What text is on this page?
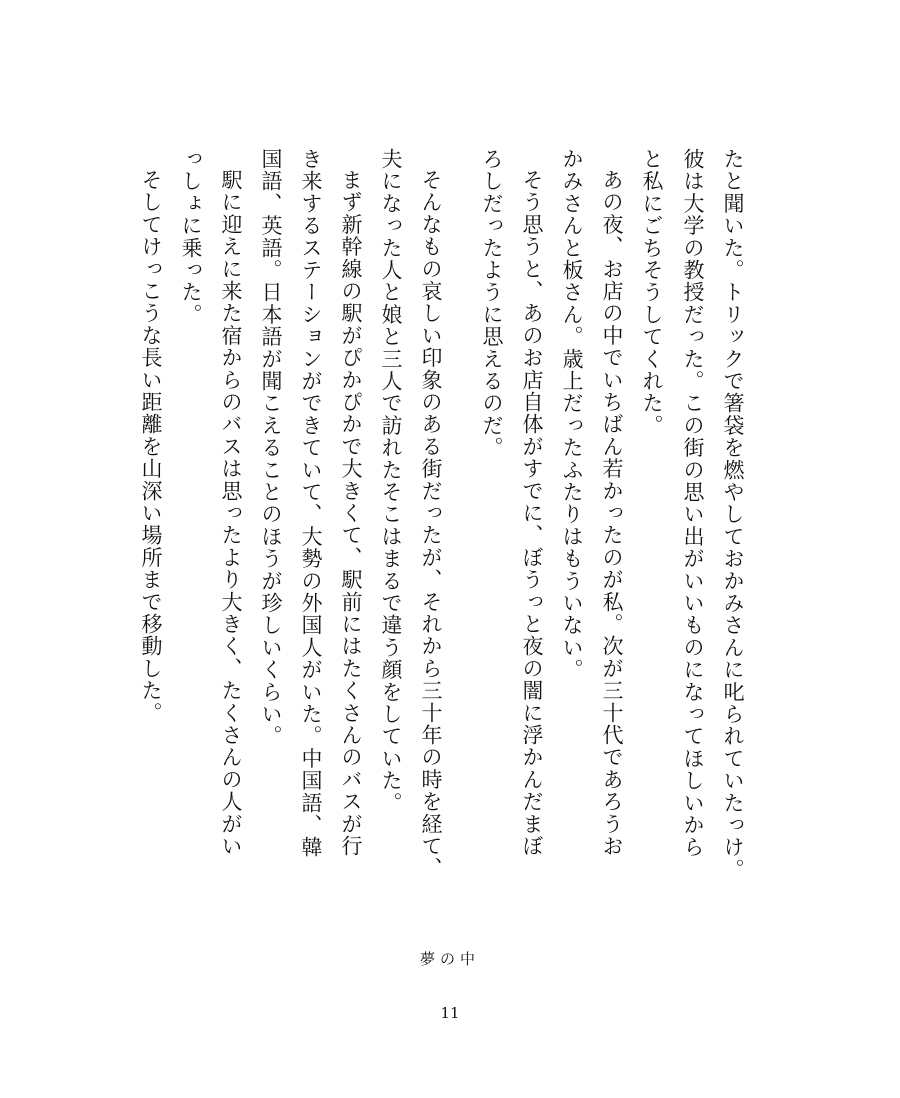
たと聞いた。トリックで箸袋を燃やしておかみさんに叱られていたっけ。
彼は大学の教授だった。この街の思い出がいいものになってほしいから
と私にごちそうしてくれた。
あの夜、お店の中でいちばん若かったのが私。次が三十代であろうお
かみさんと板さん。歳上だったふたりはもういない。
そう思うと、あのお店自体がすでに、ぼうっと夜の闇に浮かんだまぼ
ろしだったように思えるのだ。
そんなもの哀しい印象のある街だったが、それから三十年の時を経て、
夫になった人と娘と三人で訪れたそこはまるで違う顔をしていた。
まず新幹線の駅がぴかぴかで大きくて、駅前にはたくさんのバスが行
き来するステーションができていて、大勢の外国人がいた。中国語、韓
国語、英語。日本語が聞こえることのほうが珍しいくらい。
駅に迎えに来た宿からのバスは思ったより大きく、たくさんの人がい
っしょに乗った。
そしてけっこうな長い距離を山深い場所まで移動した。
夢の中
11
